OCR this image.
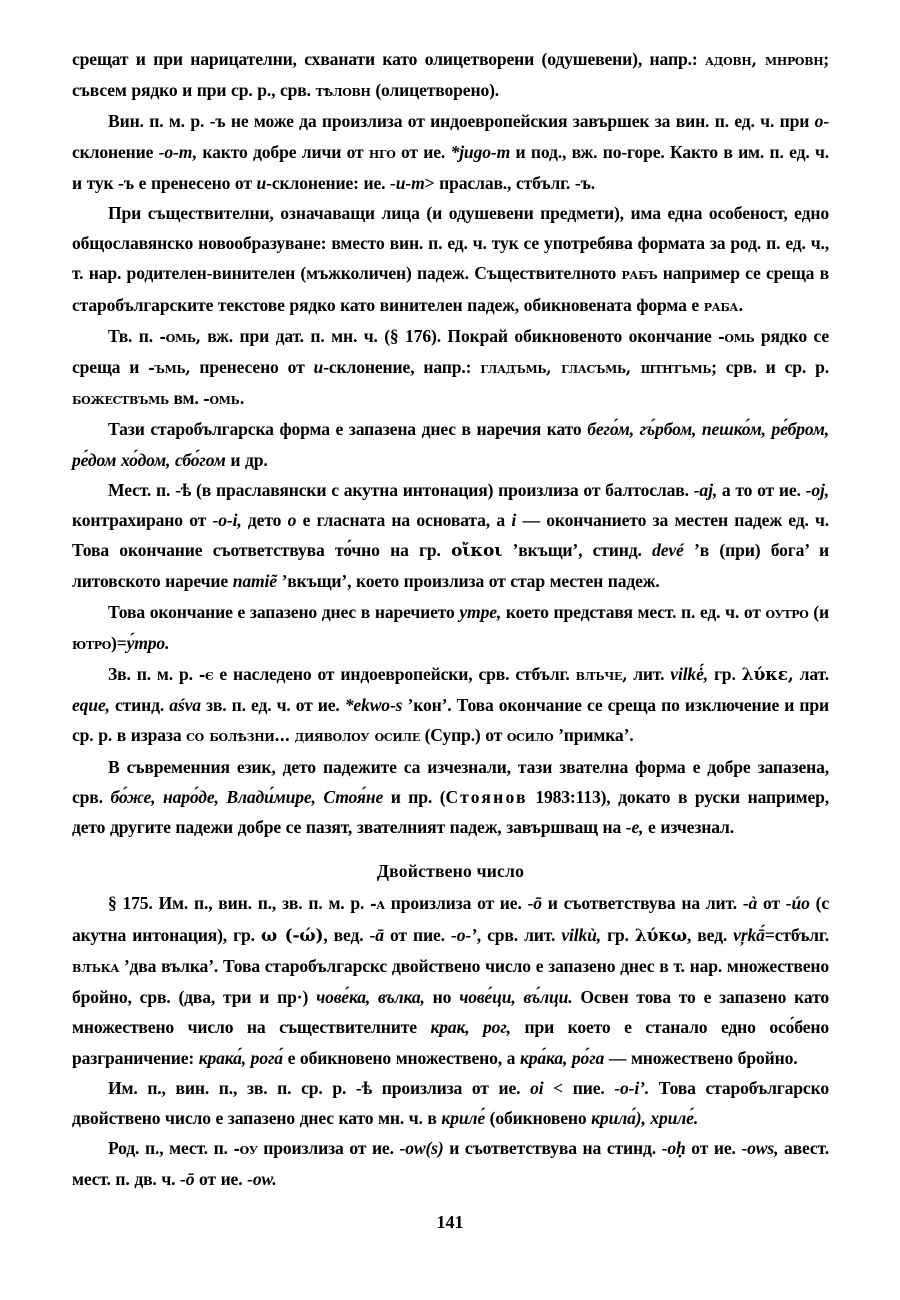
срещат и при нарицателни, схванати като олицетворени (одушевени), напр.: адовн, мнровн; съвсем рядко и при ср. р., срв. тѣловн (олицетворено).

Вин. п. м. р. -ъ не може да произлиза от индоевропейския завършек за вин. п. ед. ч. при о-склонение -о-т, както добре личи от нго от ие. *jugo-m и под., вж. по-горе. Както в им. п. ед. ч. и тук -ъ е пренесено от и-склонение: ие. -и-т> праслав., стбълг. -ъ.

При съществителни, означаващи лица (и одушевени предмети), има една особеност, едно общославянско новообразуване: вместо вин. п. ед. ч. тук се употребява формата за род. п. ед. ч., т. нар. родителен-винителен (мъжколичен) падеж. Съществителното рабъ например се среща в старобългарските текстове рядко като винителен падеж, обикновената форма е раба.

Тв. п. -омь, вж. при дат. п. мн. ч. (§ 176). Покрай обикновеното окончание -омь рядко се среща и -ъмь, пренесено от и-склонение, напр.: гладъмь, гласъмь, штнтъмь; срв. и ср. р. божествъмь вм. -омь.

Тази старобългарска форма е запазена днес в наречия като бего́м, гъ́рбом, пешко́м, ре́бром, ре́дом хо́дом, сбо́гом и др.

Мест. п. -ѣ (в праславянски с акутна интонация) произлиза от балтослав. -aj, а то от ие. -oj, контрахирано от -о-i, дето о е гласната на основата, а i — окончанието за местен падеж ед. ч. Това окончание съответствува то́чно на гр. οἴκοι ’вкъщи’, стинд. devé ’в (при) бога’ и литовското наречие namiẽ ’вкъщи’, което произлиза от стар местен падеж.

Това окончание е запазено днес в наречието утре, което представя мест. п. ед. ч. от оутро (и ютро)=у́тро.

Зв. п. м. р. -є е наследено от индоевропейски, срв. стбълг. влъче, лит. vilkė́, гр. λύκε, лат. eque, стинд. aśva зв. п. ед. ч. от ие. *ekwo-s ’кон’. Това окончание се среща по изключение и при ср. р. в израза со болѣзни... дияволоу осиле (Супр.) от осило ’примка’.

В съвременния език, дето падежите са изчезнали, тази звателна форма е добре запазена, срв. бо́же, наро́де, Влади́мире, Стоя́не и пр. (Стоянов 1983:113), докато в руски например, дето другите падежи добре се пазят, звателният падеж, завършващ на -е, е изчезнал.

Двойствено число

§ 175. Им. п., вин. п., зв. п. м. р. -а произлиза от ие. -ō и съответствува на лит. -à от -úo (с акутна интонация), гр. ω (-ώ), вед. -ā от пие. -о-’, срв. лит. vilkù, гр. λύκω, вед. vŗkā́=стбълг. влъка ’два вълка’. Това старобългарскс двойствено число е запазено днес в т. нар. множествено бройно, срв. (два, три и пр·) чове́ка, вълка, но чове́ци, въ́лци. Освен това то е запазено като множествено число на съществителните крак, рог, при което е станало едно осо́бено разграничение: крака́, рога́ е обикновено множествено, а кра́ка, ро́га — множествено бройно.

Им. п., вин. п., зв. п. ср. р. -ѣ произлиза от ие. oi < пие. -о-i’. Това старобългарско двойствено число е запазено днес като мн. ч. в криле́ (обикновено крила́), хриле́.

Род. п., мест. п. -оу произлиза от ие. -ow(s) и съответствува на стинд. -oḥ от ие. -ows, авест. мест. п. дв. ч. -ō от ие. -ow.

141
